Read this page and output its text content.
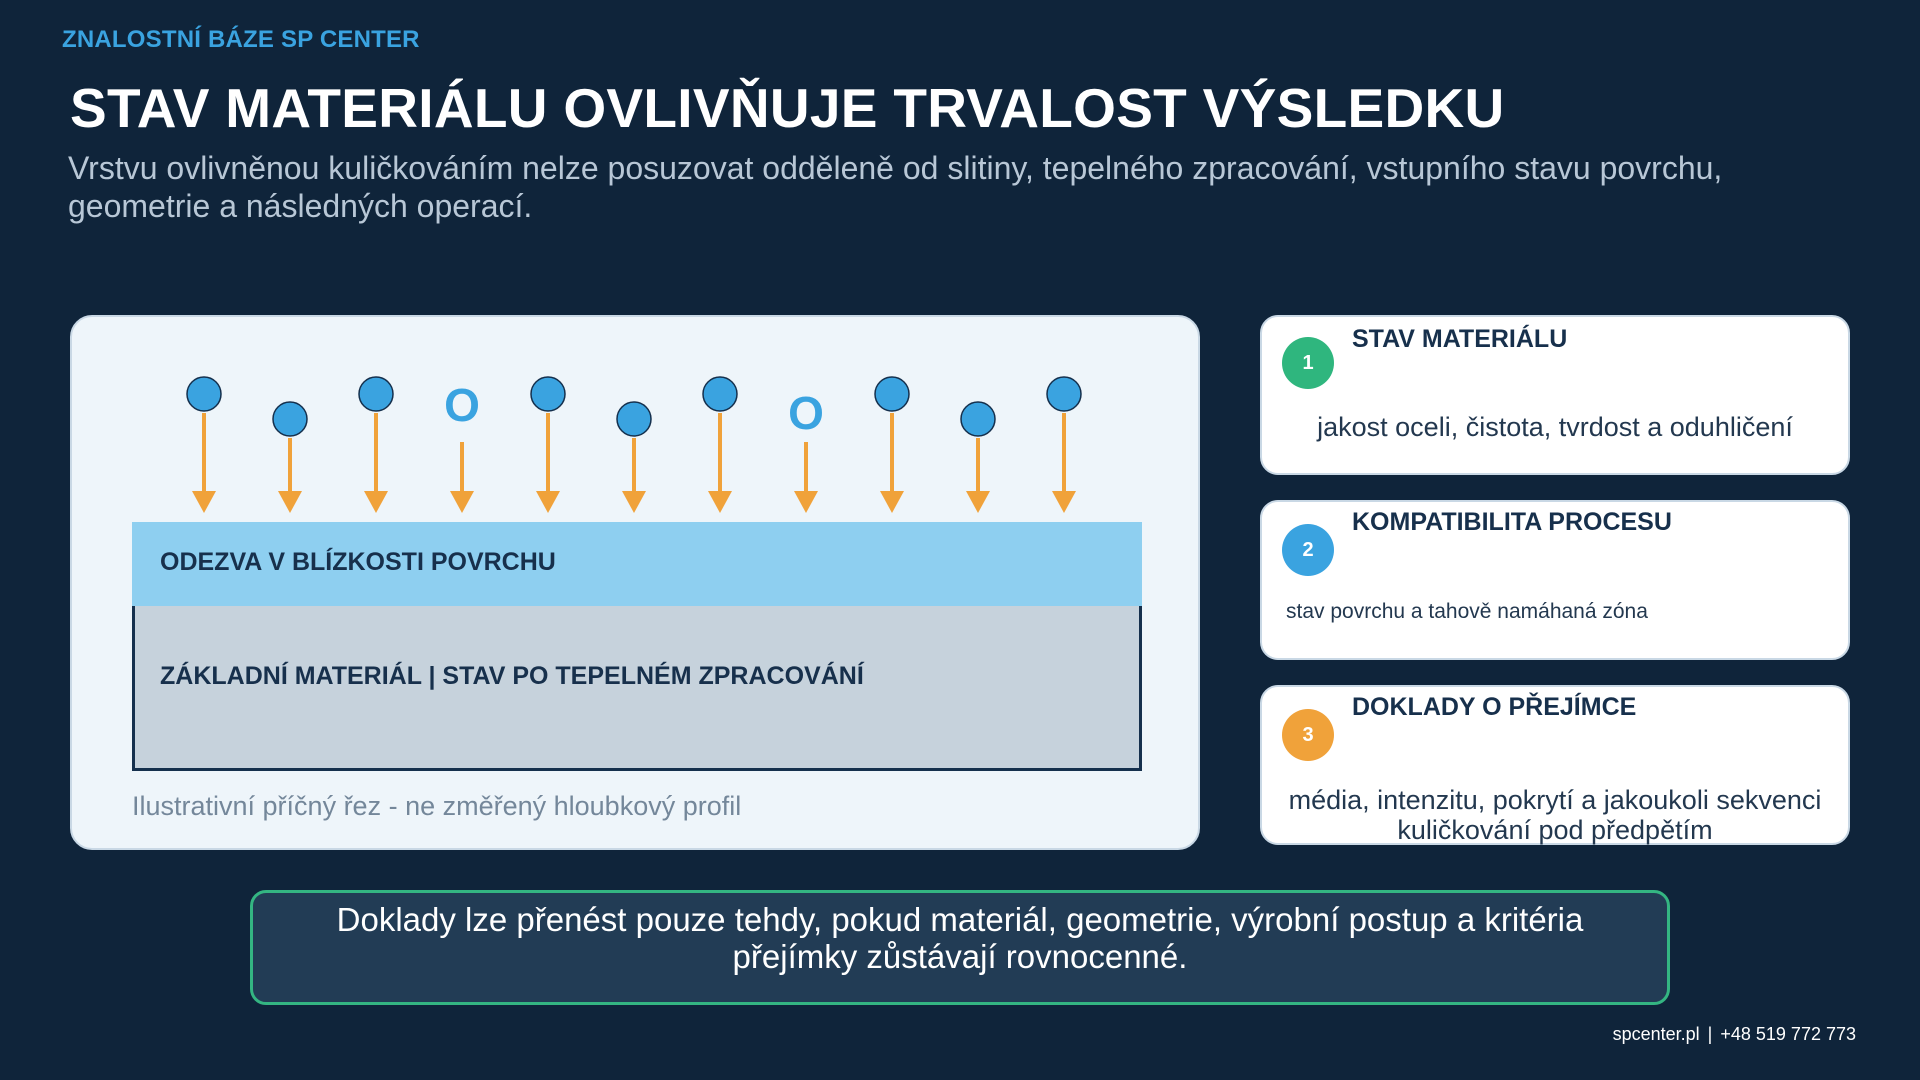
ZNALOSTNÍ BÁZE SP CENTER
STAV MATERIÁLU OVLIVŇUJE TRVALOST VÝSLEDKU
Vrstvu ovlivněnou kuličkováním nelze posuzovat odděleně od slitiny, tepelného zpracování, vstupního stavu povrchu, geometrie a následných operací.
O	O
ODEZVA V BLÍZKOSTI POVRCHU
ZÁKLADNÍ MATERIÁL | STAV PO TEPELNÉM ZPRACOVÁNÍ
Ilustrativní příčný řez - ne změřený hloubkový profil
1
STAV MATERIÁLU
jakost oceli, čistota, tvrdost a oduhličení
2
KOMPATIBILITA PROCESU
stav povrchu a tahově namáhaná zóna
3
DOKLADY O PŘEJÍMCE
média, intenzitu, pokrytí a jakoukoli sekvenci kuličkování pod předpětím
Doklady lze přenést pouze tehdy, pokud materiál, geometrie, výrobní postup a kritéria přejímky zůstávají rovnocenné.
spcenter.pl | +48 519 772 773
